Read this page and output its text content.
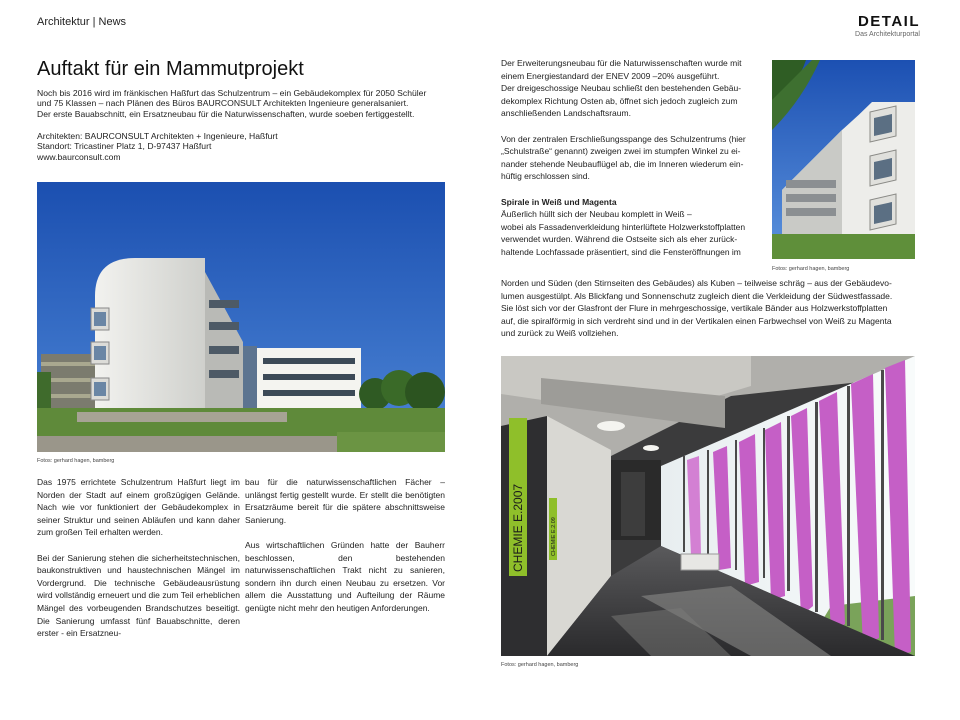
Architektur | News	DETAIL
Das Architekturportal
Auftakt für ein Mammutprojekt
Noch bis 2016 wird im fränkischen Haßfurt das Schulzentrum – ein Gebäudekomplex für 2050 Schüler
und 75 Klassen – nach Plänen des Büros BAURCONSULT Architekten Ingenieure generalsaniert.
Der erste Bauabschnitt, ein Ersatzneubau für die Naturwissenschaften, wurde soeben fertiggestellt.
Architekten: BAURCONSULT Architekten + Ingenieure, Haßfurt
Standort: Tricastiner Platz 1, D-97437 Haßfurt
www.baurconsult.com
Fotos: gerhard hagen, bamberg

Das 1975 errichtete Schulzentrum Haßfurt liegt im Norden der Stadt auf einem großzügigen Gelände. Nach wie vor funktioniert der Gebäudekomplex in seiner Struktur und seinen Abläufen und kann daher zum großen Teil erhalten werden.

Bei der Sanierung stehen die sicherheitstechnischen, baukonstruktiven und haustechnischen Mängel im Vordergrund. Die technische Gebäudeausrüstung wird vollständig erneuert und die zum Teil erheblichen Mängel des vorbeugenden Brandschutzes beseitigt. Die Sanierung umfasst fünf Bauabschnitte, deren erster - ein Ersatzneu-

bau für die naturwissenschaftlichen Fächer – unlängst fertig gestellt wurde. Er stellt die benötigten Ersatzräume bereit für die spätere abschnittsweise Sanierung.

Aus wirtschaftlichen Gründen hatte der Bauherr beschlossen, den bestehenden naturwissenschaftlichen Trakt nicht zu sanieren, sondern ihn durch einen Neubau zu ersetzen. Vor allem die Ausstattung und Aufteilung der Räume genügte nicht mehr den heutigen Anforderungen.

Der Erweiterungsneubau für die Naturwissenschaften wurde mit
einem Energiestandard der ENEV 2009 –20% ausgeführt.
Der dreigeschossige Neubau schließt den bestehenden Gebäu-
dekomplex Richtung Osten ab, öffnet sich jedoch zugleich zum
anschließenden Landschaftsraum.
Von der zentralen Erschließungsspange des Schulzentrums (hier
„Schulstraße“ genannt) zweigen zwei im stumpfen Winkel zu ei-
nander stehende Neubauflügel ab, die im Inneren wiederum ein-
hüftig erschlossen sind.
Spirale in Weiß und Magenta
Äußerlich hüllt sich der Neubau komplett in Weiß –
wobei als Fassadenverkleidung hinterlüftete Holzwerkstoffplatten
verwendet wurden. Während die Ostseite sich als eher zurück-
haltende Lochfassade präsentiert, sind die Fensteröffnungen im
Norden und Süden (den Stirnseiten des Gebäudes) als Kuben – teilweise schräg – aus der Gebäudevo-
lumen ausgestülpt. Als Blickfang und Sonnenschutz zugleich dient die Verkleidung der Südwestfassade.
Sie löst sich vor der Glasfront der Flure in mehrgeschossige, vertikale Bänder aus Holzwerkstoffplatten
auf, die spiralförmig in sich verdreht sind und in der Vertikalen einen Farbwechsel von Weiß zu Magenta
und zurück zu Weiß vollziehen.
Fotos: gerhard hagen, bamberg
CHEMIE E.2007	CHEMIE E.2.09
Fotos: gerhard hagen, bamberg
